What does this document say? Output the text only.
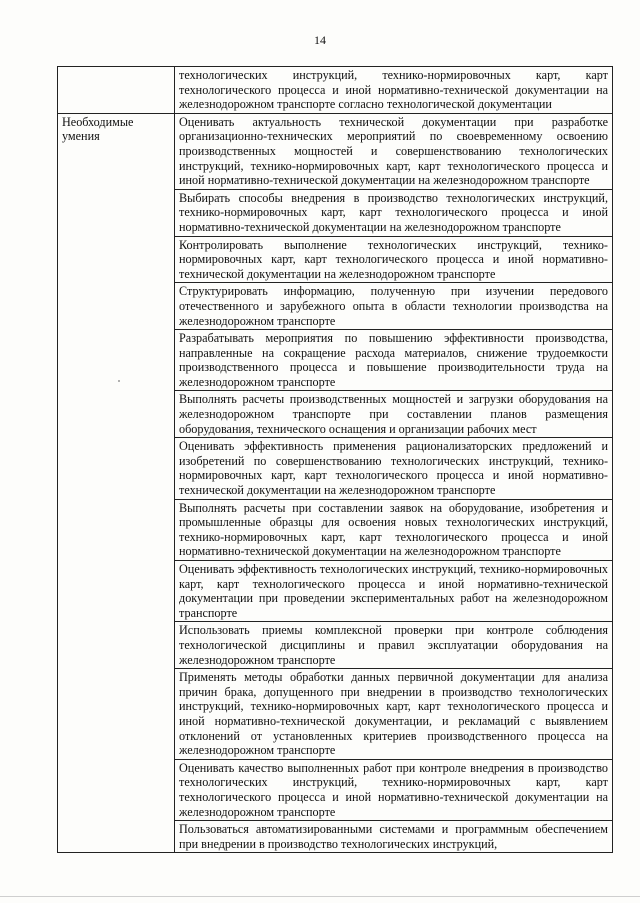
14
	технологических инструкций, технико-нормировочных карт, карт технологического процесса и иной нормативно-технической документации на железнодорожном транспорте согласно технологической документации
Необходимые умения	Оценивать актуальность технической документации при разработке организационно-технических мероприятий по своевременному освоению производственных мощностей и совершенствованию технологических инструкций, технико-нормировочных карт, карт технологического процесса и иной нормативно-технической документации на железнодорожном транспорте
	Выбирать способы внедрения в производство технологических инструкций, технико-нормировочных карт, карт технологического процесса и иной нормативно-технической документации на железнодорожном транспорте
	Контролировать выполнение технологических инструкций, технико-нормировочных карт, карт технологического процесса и иной нормативно-технической документации на железнодорожном транспорте
	Структурировать информацию, полученную при изучении передового отечественного и зарубежного опыта в области технологии производства на железнодорожном транспорте
	Разрабатывать мероприятия по повышению эффективности производства, направленные на сокращение расхода материалов, снижение трудоемкости производственного процесса и повышение производительности труда на железнодорожном транспорте
	Выполнять расчеты производственных мощностей и загрузки оборудования на железнодорожном транспорте при составлении планов размещения оборудования, технического оснащения и организации рабочих мест
	Оценивать эффективность применения рационализаторских предложений и изобретений по совершенствованию технологических инструкций, технико-нормировочных карт, карт технологического процесса и иной нормативно-технической документации на железнодорожном транспорте
	Выполнять расчеты при составлении заявок на оборудование, изобретения и промышленные образцы для освоения новых технологических инструкций, технико-нормировочных карт, карт технологического процесса и иной нормативно-технической документации на железнодорожном транспорте
	Оценивать эффективность технологических инструкций, технико-нормировочных карт, карт технологического процесса и иной нормативно-технической документации при проведении экспериментальных работ на железнодорожном транспорте
	Использовать приемы комплексной проверки при контроле соблюдения технологической дисциплины и правил эксплуатации оборудования на железнодорожном транспорте
	Применять методы обработки данных первичной документации для анализа причин брака, допущенного при внедрении в производство технологических инструкций, технико-нормировочных карт, карт технологического процесса и иной нормативно-технической документации, и рекламаций с выявлением отклонений от установленных критериев производственного процесса на железнодорожном транспорте
	Оценивать качество выполненных работ при контроле внедрения в производство технологических инструкций, технико-нормировочных карт, карт технологического процесса и иной нормативно-технической документации на железнодорожном транспорте
	Пользоваться автоматизированными системами и программным обеспечением при внедрении в производство технологических инструкций,
